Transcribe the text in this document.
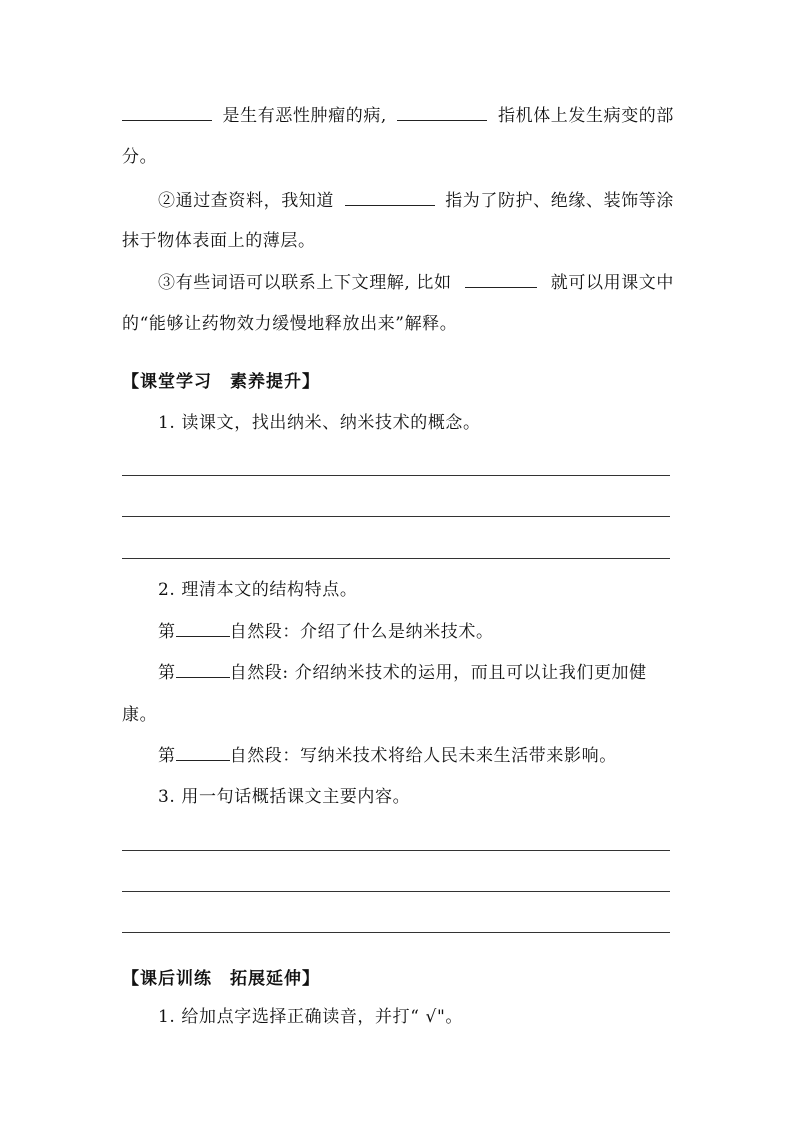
是生有恶性肿瘤的病,	指机体上发生病变的部
分。
②通过查资料，我知道	指为了防护、绝缘、装饰等涂
抹于物体表面上的薄层。
③有些词语可以联系上下文理解, 比如	就可以用课文中
的“能够让药物效力缓慢地释放出来”解释。
【课堂学习　素养提升】
1. 读课文，找出纳米、纳米技术的概念。
2. 理清本文的结构特点。
第	自然段：介绍了什么是纳米技术。
第	自然段: 介绍纳米技术的运用，而且可以让我们更加健
康。
第	自然段：写纳米技术将给人民未来生活带来影响。
3. 用一句话概括课文主要内容。
【课后训练　拓展延伸】
1. 给加点字选择正确读音，并打“ √"。
